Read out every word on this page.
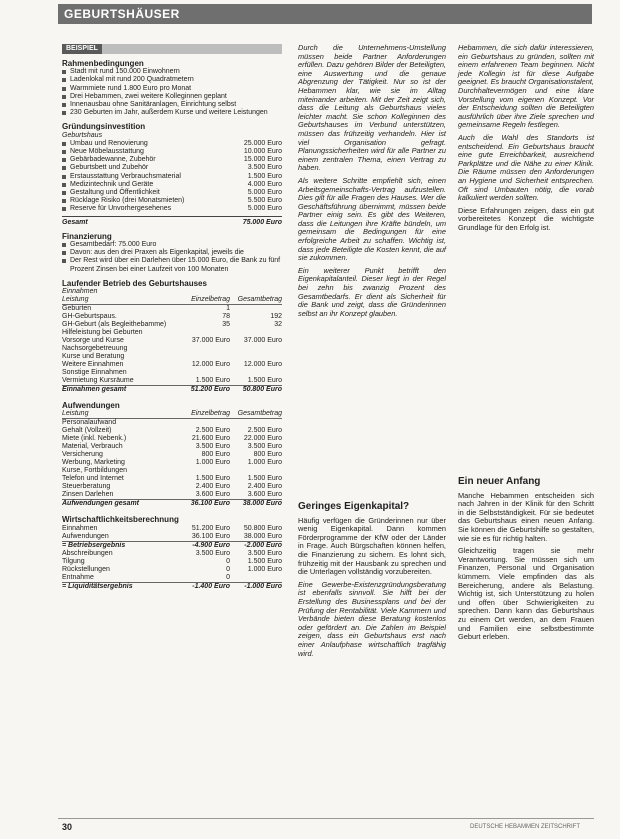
GEBURTSHÄUSER
BEISPIEL
Rahmenbedingungen
Stadt mit rund 150.000 Einwohnern
Ladenlokal mit rund 200 Quadratmetern
Warmmiete rund 1.800 Euro pro Monat
Drei Hebammen, zwei weitere Kolleginnen geplant
Innenausbau ohne Sanitäranlagen, Einrichtung selbst
230 Geburten im Jahr, außerdem Kurse und weitere Leistungen
Gründungsinvestition
Geburtshaus
Umbau und Renovierung	25.000 Euro
Neue Möbelausstattung	10.000 Euro
Gebärbadewanne, Zubehör	15.000 Euro
Geburtsbett und Zubehör	3.500 Euro
Erstausstattung Verbrauchsmaterial	1.500 Euro
Medizintechnik und Geräte	4.000 Euro
Gestaltung und Öffentlichkeit	5.000 Euro
Rücklage Risiko (drei Monatsmieten)	5.500 Euro
Reserve für Unvorhergesehenes	5.000 Euro
Gesamt	75.000 Euro
Finanzierung
Gesamtbedarf: 75.000 Euro
Davon: aus den drei Praxen als Eigenkapital, jeweils die
Der Rest wird über ein Darlehen über 15.000 Euro, die Bank zu fünf Prozent Zinsen bei einer Laufzeit von 100 Monaten
Laufender Betrieb des Geburtshauses
Einnahmen
Leistung	Einzelbetrag	Gesamtbetrag
Geburten	1	
GH-Geburtspaus.	78	192
GH-Geburt (als Begleithebamme)	35	32
Hilfeleistung bei Geburten		
Vorsorge und Kurse	37.000 Euro	37.000 Euro
Nachsorgebetreuung		
Kurse und Beratung		
Weitere Einnahmen	12.000 Euro	12.000 Euro
Sonstige Einnahmen		
Vermietung Kursräume	1.500 Euro	1.500 Euro
Einnahmen gesamt	51.200 Euro	50.800 Euro
Aufwendungen
Leistung	Einzelbetrag	Gesamtbetrag
Personalaufwand		
Gehalt (Vollzeit)	2.500 Euro	2.500 Euro
Miete (inkl. Nebenk.)	21.600 Euro	22.000 Euro
Material, Verbrauch	3.500 Euro	3.500 Euro
Versicherung	800 Euro	800 Euro
Werbung, Marketing	1.000 Euro	1.000 Euro
Kurse, Fortbildungen		
Telefon und Internet	1.500 Euro	1.500 Euro
Steuerberatung	2.400 Euro	2.400 Euro
Zinsen Darlehen	3.600 Euro	3.600 Euro
Aufwendungen gesamt	36.100 Euro	38.000 Euro
Wirtschaftlichkeitsberechnung
Einnahmen	51.200 Euro	50.800 Euro
Aufwendungen	36.100 Euro	38.000 Euro
= Betriebsergebnis	-4.900 Euro	-2.000 Euro
Abschreibungen	3.500 Euro	3.500 Euro
Tilgung	0	1.500 Euro
Rückstellungen	0	1.000 Euro
Entnahme	0	
= Liquiditätsergebnis	-1.400 Euro	-1.000 Euro

Durch die Unternehmens-Umstellung müssen beide Partner Anforderungen erfüllen. Dazu gehören Bilder der Beteiligten, eine Auswertung und die genaue Abgrenzung der Tätigkeit. Nur so ist der Hebammen klar, wie sie im Alltag miteinander arbeiten. Mit der Zeit zeigt sich, dass die Leitung als Geburtshaus vieles leichter macht. Sie schon Kolleginnen des Geburtshauses im Verbund unterstützen, müssen das frühzeitig verhandeln. Hier ist viel Organisation gefragt. Planungssicherheiten wird für alle Partner zu einem zentralen Thema, einen Vertrag zu haben.

Als weitere Schritte empfiehlt sich, einen Arbeitsgemeinschafts-Vertrag aufzustellen. Dies gilt für alle Fragen des Hauses. Wer die Geschäftsführung übernimmt, müssen beide Partner einig sein. Es gibt des Weiteren, dass die Leitungen ihre Kräfte bündeln, um gemeinsam die Bedingungen für eine erfolgreiche Arbeit zu schaffen. Wichtig ist, dass jede Beteiligte die Kosten kennt, die auf sie zukommen.

Ein weiterer Punkt betrifft den Eigenkapitalanteil. Dieser liegt in der Regel bei zehn bis zwanzig Prozent des Gesamtbedarfs. Er dient als Sicherheit für die Bank und zeigt, dass die Gründerinnen selbst an ihr Konzept glauben.

Geringes Eigenkapital?

Häufig verfügen die Gründerinnen nur über wenig Eigenkapital. Dann kommen Förderprogramme der KfW oder der Länder in Frage. Auch Bürgschaften können helfen, die Finanzierung zu sichern. Es lohnt sich, frühzeitig mit der Hausbank zu sprechen und die Unterlagen vollständig vorzubereiten.

Eine Gewerbe-Existenzgründungsberatung ist ebenfalls sinnvoll. Sie hilft bei der Erstellung des Businessplans und bei der Prüfung der Rentabilität. Viele Kammern und Verbände bieten diese Beratung kostenlos oder gefördert an. Die Zahlen im Beispiel zeigen, dass ein Geburtshaus erst nach einer Anlaufphase wirtschaftlich tragfähig wird.

Hebammen, die sich dafür interessieren, ein Geburtshaus zu gründen, sollten mit einem erfahrenen Team beginnen. Nicht jede Kollegin ist für diese Aufgabe geeignet. Es braucht Organisationstalent, Durchhaltevermögen und eine klare Vorstellung vom eigenen Konzept. Vor der Entscheidung sollten die Beteiligten ausführlich über ihre Ziele sprechen und gemeinsame Regeln festlegen.

Auch die Wahl des Standorts ist entscheidend. Ein Geburtshaus braucht eine gute Erreichbarkeit, ausreichend Parkplätze und die Nähe zu einer Klinik. Die Räume müssen den Anforderungen an Hygiene und Sicherheit entsprechen. Oft sind Umbauten nötig, die vorab kalkuliert werden sollten.

Diese Erfahrungen zeigen, dass ein gut vorbereitetes Konzept die wichtigste Grundlage für den Erfolg ist.

Ein neuer Anfang

Manche Hebammen entscheiden sich nach Jahren in der Klinik für den Schritt in die Selbstständigkeit. Für sie bedeutet das Geburtshaus einen neuen Anfang. Sie können die Geburtshilfe so gestalten, wie sie es für richtig halten.

Gleichzeitig tragen sie mehr Verantwortung. Sie müssen sich um Finanzen, Personal und Organisation kümmern. Viele empfinden das als Bereicherung, andere als Belastung. Wichtig ist, sich Unterstützung zu holen und offen über Schwierigkeiten zu sprechen. Dann kann das Geburtshaus zu einem Ort werden, an dem Frauen und Familien eine selbstbestimmte Geburt erleben.

30	DEUTSCHE HEBAMMEN ZEITSCHRIFT
